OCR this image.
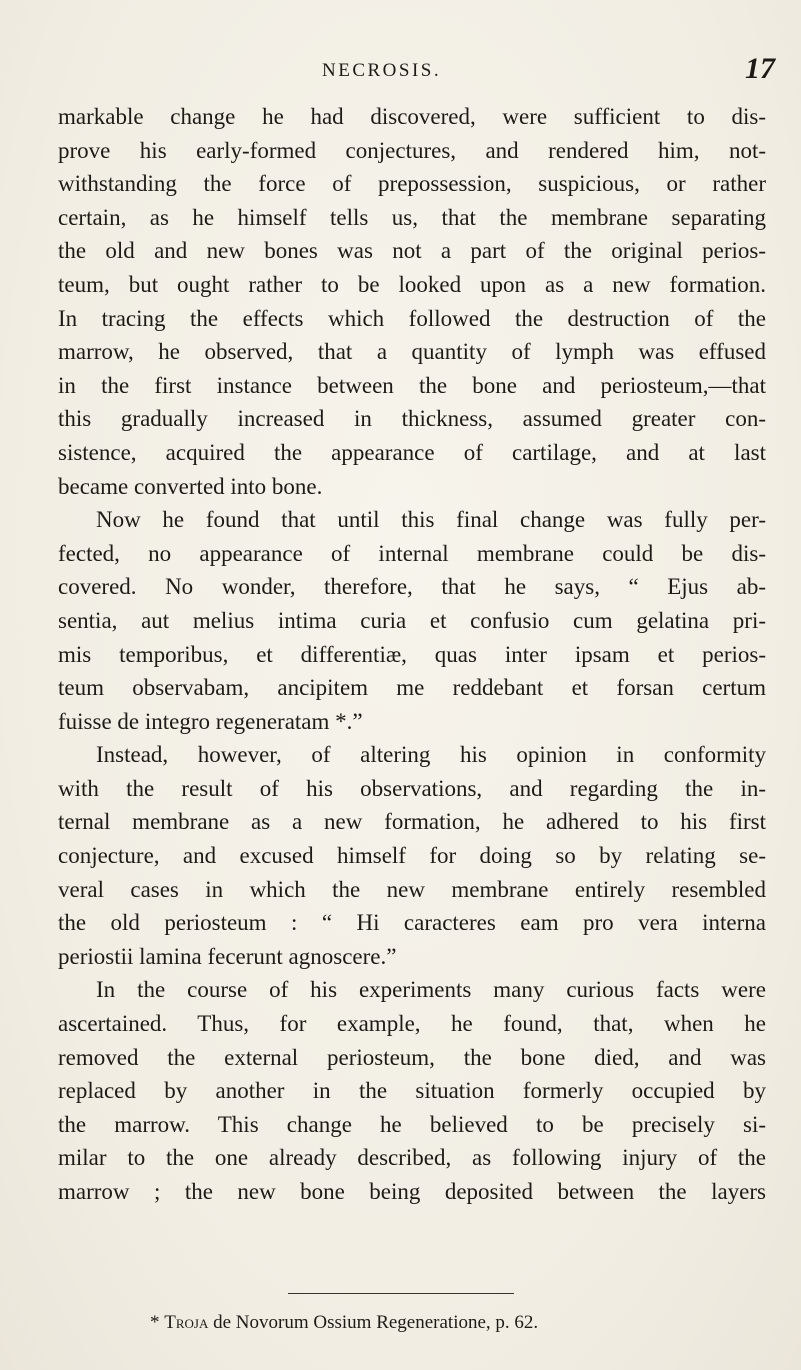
NECROSIS.	17
markable change he had discovered, were sufficient to dis-
prove his early-formed conjectures, and rendered him, not-
withstanding the force of prepossession, suspicious, or rather
certain, as he himself tells us, that the membrane separating
the old and new bones was not a part of the original perios-
teum, but ought rather to be looked upon as a new formation.
In tracing the effects which followed the destruction of the
marrow, he observed, that a quantity of lymph was effused
in the first instance between the bone and periosteum,—that
this gradually increased in thickness, assumed greater con-
sistence, acquired the appearance of cartilage, and at last
became converted into bone.
Now he found that until this final change was fully per-
fected, no appearance of internal membrane could be dis-
covered. No wonder, therefore, that he says, “ Ejus ab-
sentia, aut melius intima curia et confusio cum gelatina pri-
mis temporibus, et differentiæ, quas inter ipsam et perios-
teum observabam, ancipitem me reddebant et forsan certum
fuisse de integro regeneratam *.”
Instead, however, of altering his opinion in conformity
with the result of his observations, and regarding the in-
ternal membrane as a new formation, he adhered to his first
conjecture, and excused himself for doing so by relating se-
veral cases in which the new membrane entirely resembled
the old periosteum : “ Hi caracteres eam pro vera interna
periostii lamina fecerunt agnoscere.”
In the course of his experiments many curious facts were
ascertained. Thus, for example, he found, that, when he
removed the external periosteum, the bone died, and was
replaced by another in the situation formerly occupied by
the marrow. This change he believed to be precisely si-
milar to the one already described, as following injury of the
marrow ; the new bone being deposited between the layers
* Troja de Novorum Ossium Regeneratione, p. 62.
